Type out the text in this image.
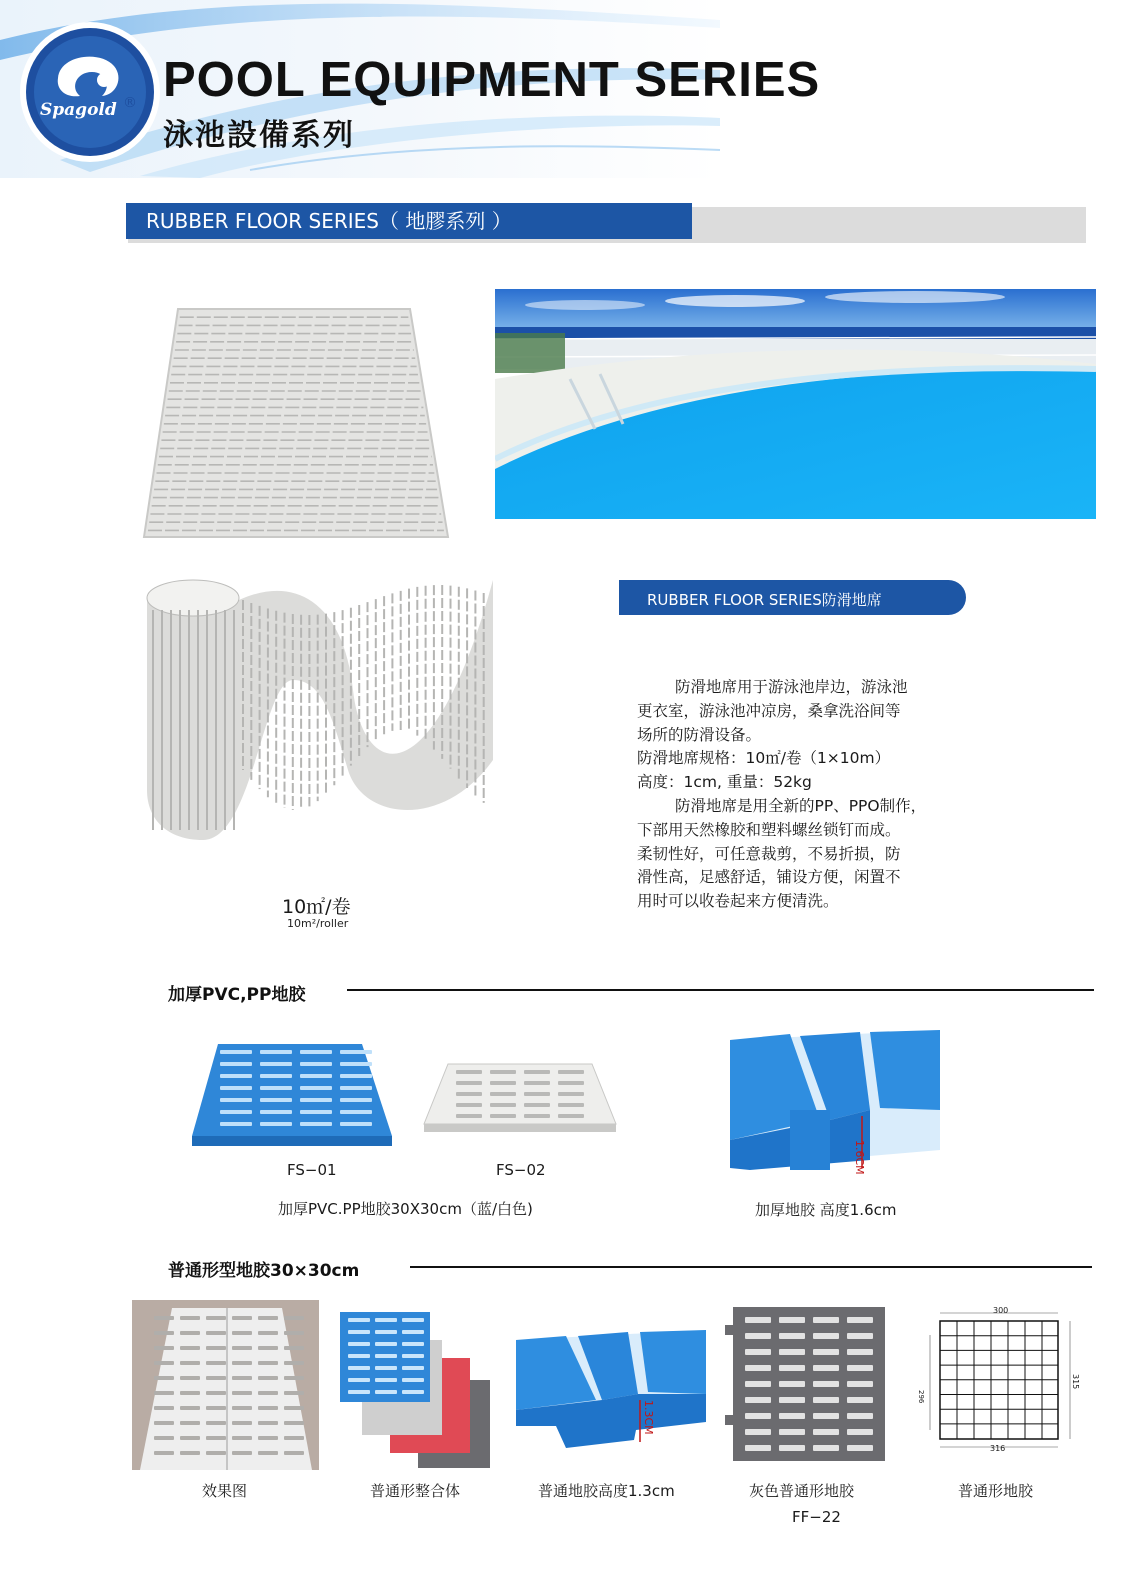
Spagold ® POOL EQUIPMENT SERIES
泳池設備系列
RUBBER FLOOR SERIES（ 地膠系列 ）
RUBBER FLOOR SERIES防滑地席

防滑地席用于游泳池岸边，游泳池

更衣室，游泳池冲凉房，桑拿洗浴间等

场所的防滑设备。

防滑地席规格：10㎡/卷（1×10m）

高度：1cm, 重量：52kg

防滑地席是用全新的PP、PPO制作，

下部用天然橡胶和塑料螺丝锁钉而成。

柔韧性好，可任意裁剪，不易折损，防

滑性高，足感舒适，铺设方便，闲置不

用时可以收卷起来方便清洗。

10㎡/卷
10m²/roller
加厚PVC,PP地胶
FS−01	FS−02
加厚PVC.PP地胶30X30cm（蓝/白色)
1.6CM
加厚地胶 高度1.6cm
普通形型地胶30×30cm
1.3CM
300
316
315
296
效果图	普通形整合体	普通地胶高度1.3cm	灰色普通形地胶
FF−22
普通形地胶
